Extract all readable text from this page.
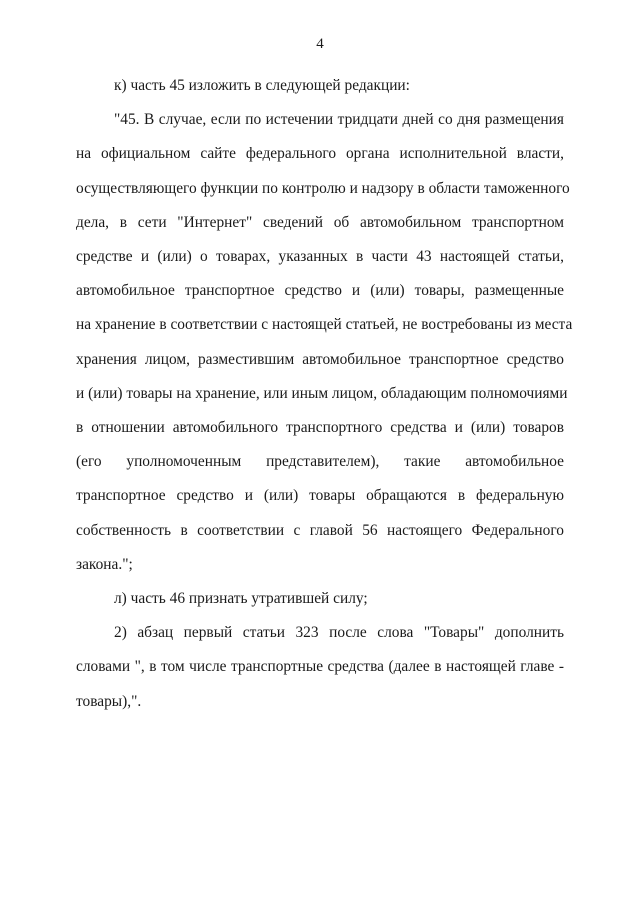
4
к) часть 45 изложить в следующей редакции:
"45. В случае, если по истечении тридцати дней со дня размещения
на официальном сайте федерального органа исполнительной власти,
осуществляющего функции по контролю и надзору в области таможенного
дела, в сети "Интернет" сведений об автомобильном транспортном
средстве и (или) о товарах, указанных в части 43 настоящей статьи,
автомобильное транспортное средство и (или) товары, размещенные
на хранение в соответствии с настоящей статьей, не востребованы из места
хранения лицом, разместившим автомобильное транспортное средство
и (или) товары на хранение, или иным лицом, обладающим полномочиями
в отношении автомобильного транспортного средства и (или) товаров
(его уполномоченным представителем), такие автомобильное
транспортное средство и (или) товары обращаются в федеральную
собственность в соответствии с главой 56 настоящего Федерального
закона.";
л) часть 46 признать утратившей силу;
2) абзац первый статьи 323 после слова "Товары" дополнить
словами ", в том числе транспортные средства (далее в настоящей главе -
товары),".
